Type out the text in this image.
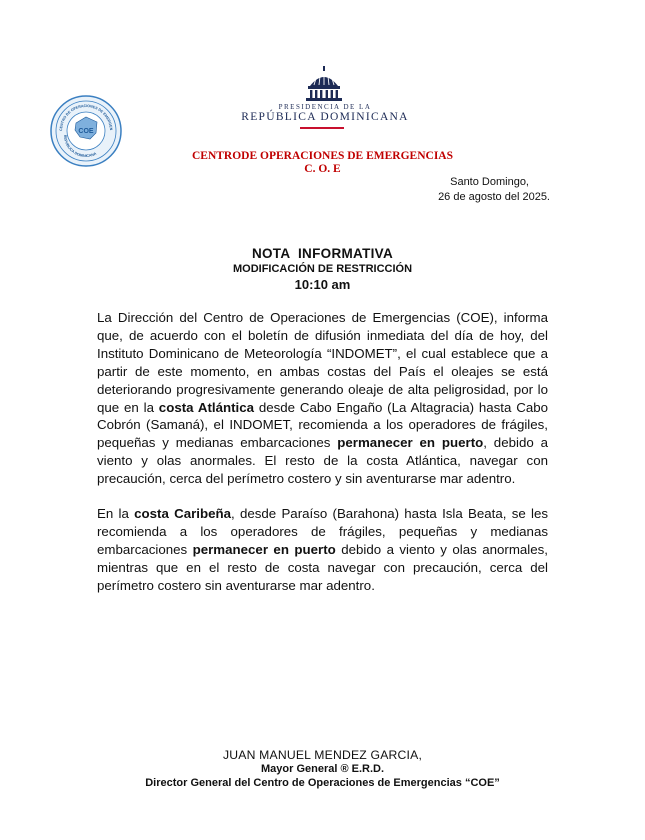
CENTRO DE OPERACIONES DE EMERGEN
REPUBLICA DOMINICANA
COE
PRESIDENCIA DE LA
REPÚBLICA DOMINICANA
CENTRODE OPERACIONES DE EMERGENCIAS
C. O. E
Santo Domingo,
26 de agosto del 2025.
NOTA  INFORMATIVA
MODIFICACIÓN DE RESTRICCIÓN
10:10 am

La Dirección del Centro de Operaciones de Emergencias (COE), informa que, de acuerdo con el boletín de difusión inmediata del día de hoy, del Instituto Dominicano de Meteorología “INDOMET”, el cual establece que a partir de este momento, en ambas costas del País el oleajes se está deteriorando progresivamente generando oleaje de alta peligrosidad, por lo que en la costa Atlántica desde Cabo Engaño (La Altagracia) hasta Cabo Cobrón (Samaná), el INDOMET, recomienda a los operadores de frágiles, pequeñas y medianas embarcaciones permanecer en puerto, debido a viento y olas anormales. El resto de la costa Atlántica, navegar con precaución, cerca del perímetro costero y sin aventurarse mar adentro.

En la costa Caribeña, desde Paraíso (Barahona) hasta Isla Beata, se les recomienda a los operadores de frágiles, pequeñas y medianas embarcaciones permanecer en puerto debido a viento y olas anormales, mientras que en el resto de costa navegar con precaución, cerca del perímetro costero sin aventurarse mar adentro.

JUAN MANUEL MENDEZ GARCIA,
Mayor General ® E.R.D.
Director General del Centro de Operaciones de Emergencias “COE”
